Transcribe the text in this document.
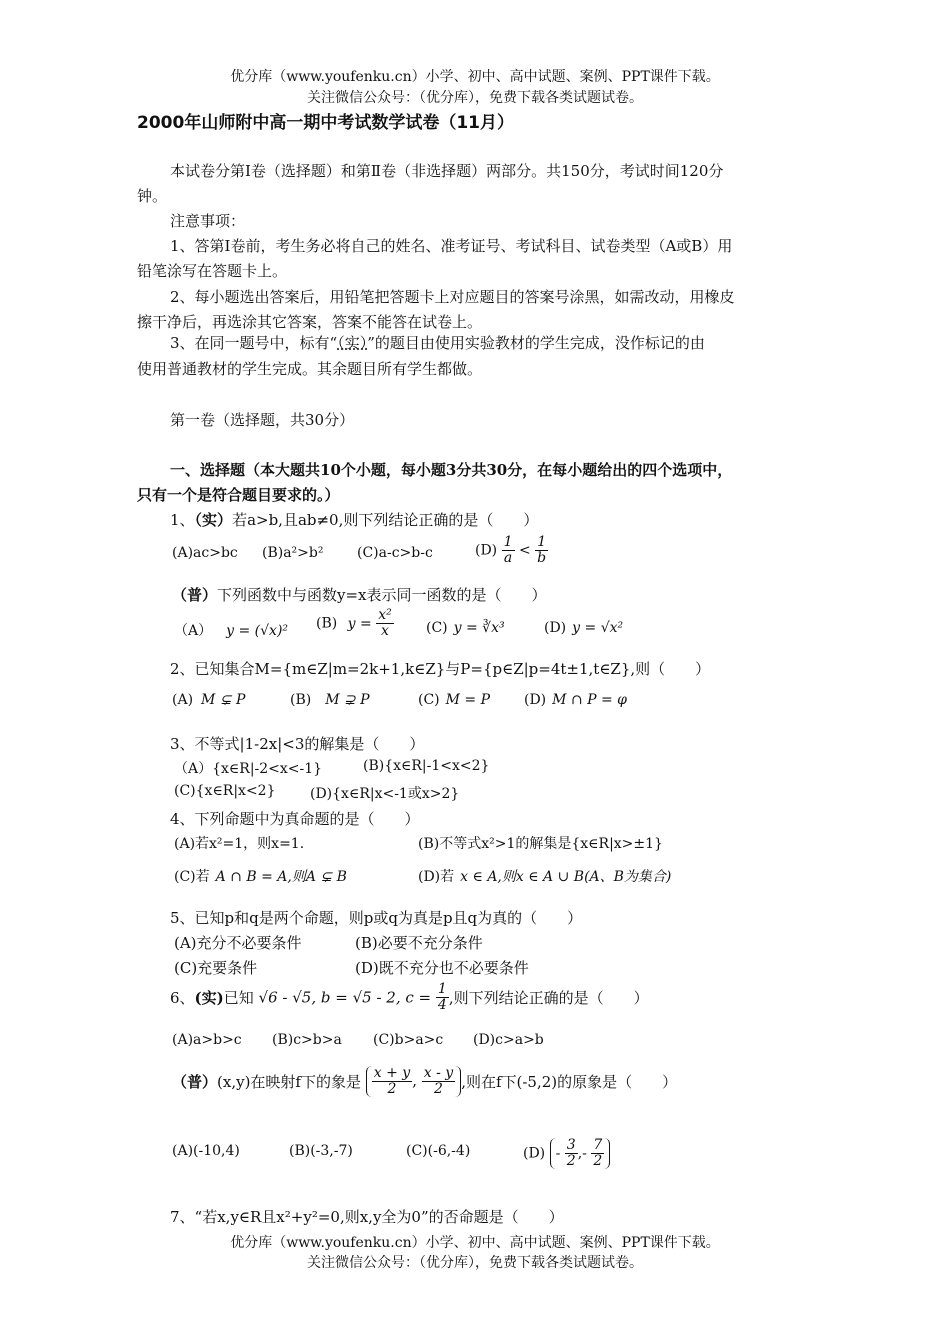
优分库（www.youfenku.cn）小学、初中、高中试题、案例、PPT课件下载。
关注微信公众号：（优分库），免费下载各类试题试卷。
2000年山师附中高一期中考试数学试卷（11月）
本试卷分第Ⅰ卷（选择题）和第Ⅱ卷（非选择题）两部分。共150分，考试时间120分
钟。
注意事项：
1、答第Ⅰ卷前，考生务必将自己的姓名、准考证号、考试科目、试卷类型（A或B）用
铅笔涂写在答题卡上。
2、每小题选出答案后，用铅笔把答题卡上对应题目的答案号涂黑，如需改动，用橡皮
擦干净后，再选涂其它答案，答案不能答在试卷上。
3、在同一题号中，标有“（实）”的题目由使用实验教材的学生完成，没作标记的由
使用普通教材的学生完成。其余题目所有学生都做。
第一卷（选择题，共30分）
一、选择题（本大题共10个小题，每小题3分共30分，在每小题给出的四个选项中，
只有一个是符合题目要求的。）
1、（实）若a>b,且ab≠0,则下列结论正确的是（　　）
(A)ac>bc (B)a²>b² (C)a-c>b-c	$(D) \frac{1}{a} < \frac{1}{b}$
（普）下列函数中与函数y=x表示同一函数的是（　　）
（A） y = (√x)² (B) $y = \frac{\text{x²}}{x} (C) y$ = ∛x³	(D) y = √x²
2、已知集合M={m∈Z|m=2k+1,k∈Z}与P={p∈Z|p=4t±1,t∈Z},则（　　）
(A) M ⊊ P	(B) M ⊋ P	(C) M = P (D) M ∩ P = φ
3、不等式|1-2x|<3的解集是（　　）
（A）{x∈R|-2<x<-1}	(B){x∈R|-1<x<2}
(C){x∈R|x<2} (D){x∈R|x<-1或x>2}
4、下列命题中为真命题的是（　　）
(A)若x²=1，则x=1.	(B)不等式x²>1的解集是{x∈R|x>±1}
(C)若 A ∩ B = A,则A ⊊ B	(D)若 x ∈ A,则x ∈ A ∪ B(A、B为集合)
5、已知p和q是两个命题，则p或q为真是p且q为真的（　　）
(A)充分不必要条件	(B)必要不充分条件
(C)充要条件	(D)既不充分也不必要条件
6、(实)已知 √6 - √5, b = √5 - 2, $c = \frac{1}{4}$ ,则下列结论正确的是（　　）
(A)a>b>c (B)c>b>a (C)b>a>c (D)c>a>b
（普）(x,y)在映射f下的象是 $\frac{x + y}{2}$ , $\frac{x - y}{2}$ ,则在f下(-5,2)的原象是（　　）
(A)(-10,4)	(B)(-3,-7)	(C)(-6,-4)	$(D) - \frac{3}{2}$ ,- $\frac{7}{2}$
7、“若x,y∈R且x²+y²=0,则x,y全为0”的否命题是（　　）
优分库（www.youfenku.cn）小学、初中、高中试题、案例、PPT课件下载。
关注微信公众号：（优分库），免费下载各类试题试卷。
